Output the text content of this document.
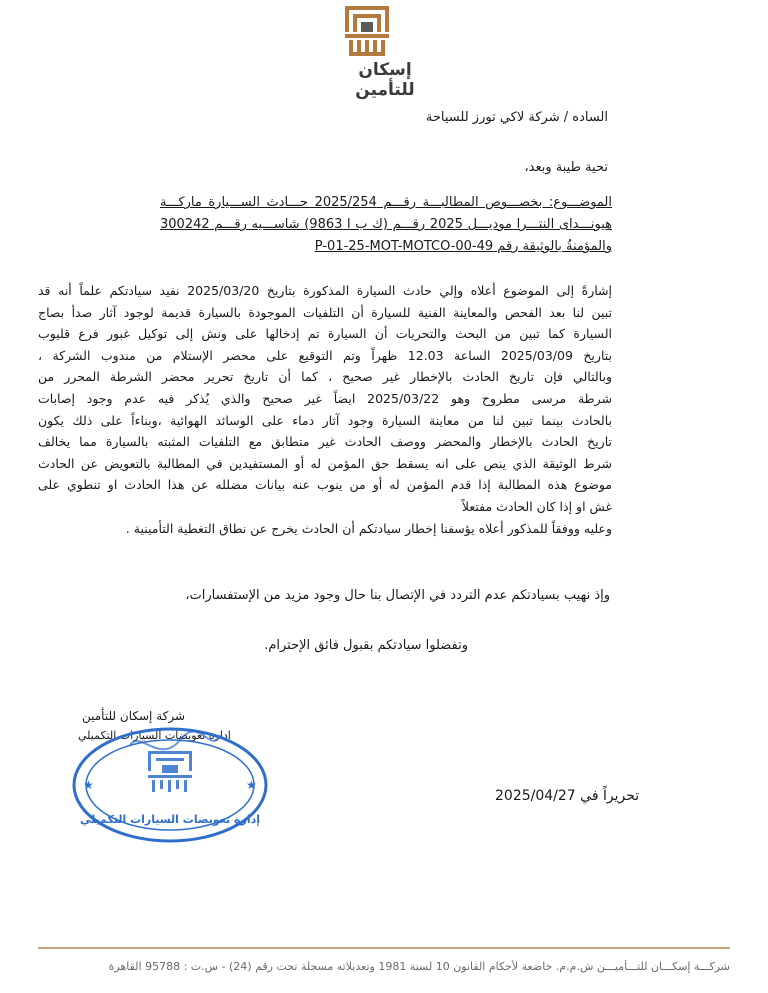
إسكان للتأمين
الساده / شركة لاكي تورز للسياحة
تحية طيبة وبعد،
الموضـــوع: بخصـــوص المطالبـــة رقـــم 2025/254 حـــادث الســـيارة ماركـــة
هيونـــداى النتـــرا موديـــل 2025 رقـــم (ك ب ا 9863) شاســـيه رقـــم 300242
والمؤمنةُ بالوثيقة رقم P-01-25-MOT-MOTCO-00-49
إشارةً إلى الموضوع أعلاه وإلي حادث السيارة المذكورة بتاريخ 2025/03/20 نفيد سيادتكم علماً أنه قد
تبين لنا بعد الفحص والمعاينة الفنية للسيارة أن التلفيات الموجودة بالسيارة قديمة لوجود آثار صدأ بصاج
السيارة كما تبين من البحث والتحريات أن السيارة تم إدخالها على ونش إلى توكيل غبور فرع قليوب
بتاريخ 2025/03/09 الساعة 12.03 ظهراً وتم التوقيع على محضر الإستلام من مندوب الشركة ،
وبالتالي فإن تاريخ الحادث بالإخطار غير صحيح ، كما أن تاريخ تحرير محضر الشرطة المحرر من
شرطة مرسى مطروح وهو 2025/03/22 ايضاً غير صحيح والذي يُذكر فيه عدم وجود إصابات
بالحادث بينما تبين لنا من معاينة السيارة وجود آثار دماء على الوسائد الهوائية ،وبناءاً على ذلك يكون
تاريخ الحادث بالإخطار والمحضر ووصف الحادث غير متطابق مع التلفيات المثبته بالسيارة مما يخالف
شرط الوثيقة الذي ينص على انه يسقط حق المؤمن له أو المستفيدين في المطالبة بالتعويض عن الحادث
موضوع هذه المطالبة إذا قدم المؤمن له أو من ينوب عنه بيانات مضلله عن هذا الحادث او تنطوي على
غش او إذا كان الحادث مفتعلاً
وعليه ووفقاً للمذكور أعلاه يؤسفنا إخطار سيادتكم أن الحادث يخرج عن نطاق التغطية التأمينية .
وإذ نهيب بسيادتكم عدم التردد في الإتصال بنا حال وجود مزيد من الإستفسارات،
وتفضلوا سيادتكم بقبول فائق الإحترام.
شركة إسكان للتأمين
إدارة تعويضات السيارات التكميلي
★	★
إدارة تعويضات السيارات التكميلي
تحريراً في 2025/04/27
شركـــة إسكـــان للتـــأميـــن ش.م.م. خاضعة لأحكام القانون 10 لسنة 1981 وتعديلاته مسجلة تحت رقم (24) - س.ت : 95788 القاهرة
